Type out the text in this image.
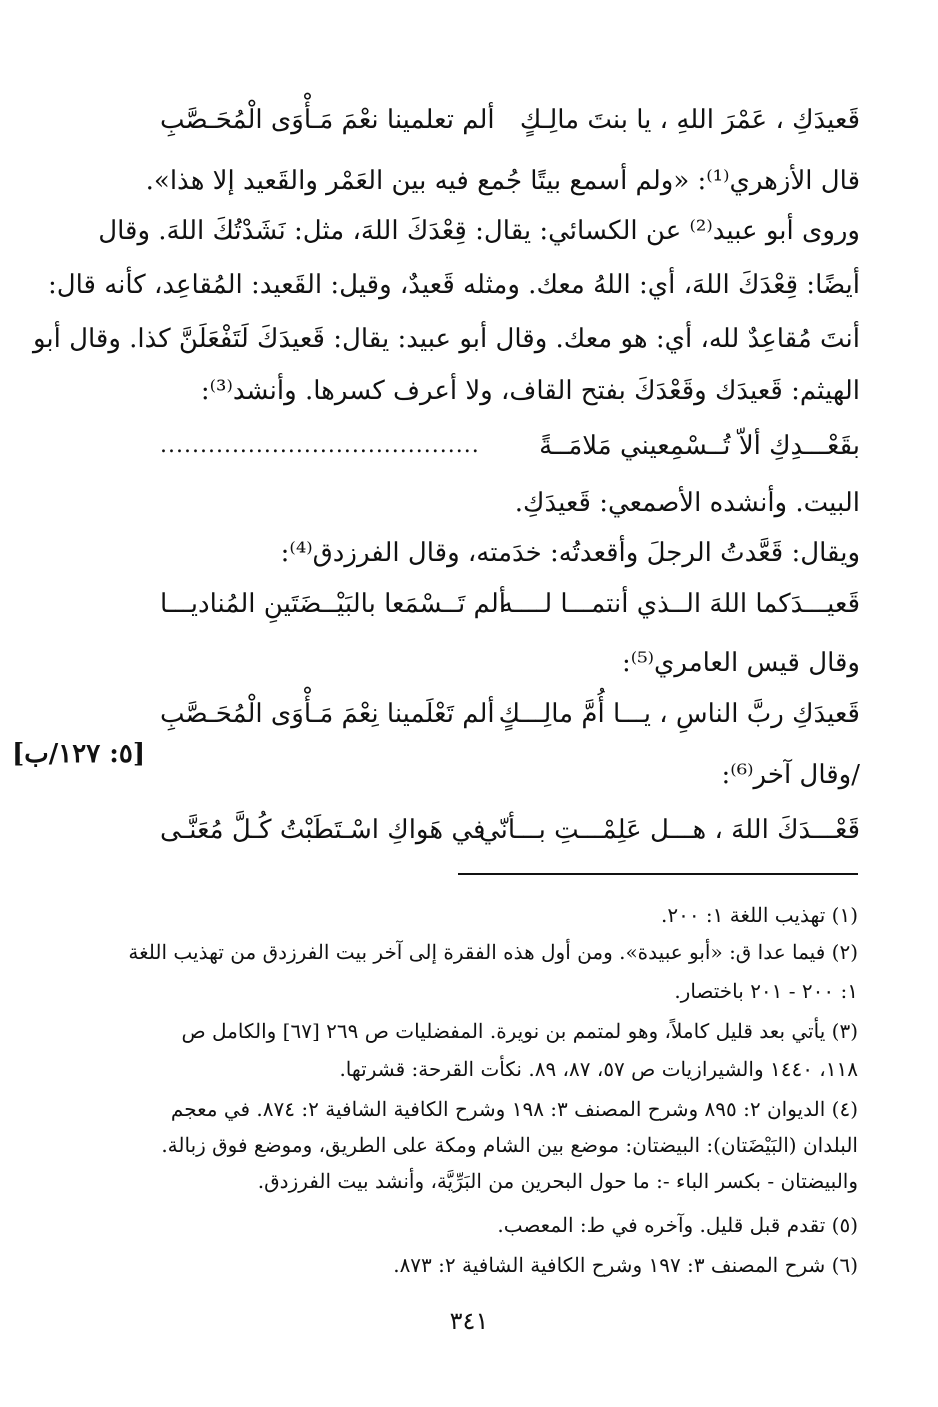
قَعيدَكِ ، عَمْرَ اللهِ ، يا بنتَ مالِـكٍ
ألم تعلمينا نعْمَ مَـأْوَى الْمُحَـصَّبِ
قال الأزهري⁽¹⁾: «ولم أسمع بيتًا جُمع فيه بين العَمْر والقَعيد إلا هذا».
وروى أبو عبيد⁽²⁾ عن الكسائي: يقال: قِعْدَكَ اللهَ، مثل: نَشَدْتُكَ اللهَ. وقال
أيضًا: قِعْدَكَ اللهَ، أي: اللهُ معك. ومثله قَعيدٌ، وقيل: القَعيد: المُقاعِد، كأنه قال:
أنتَ مُقاعِدٌ لله، أي: هو معك. وقال أبو عبيد: يقال: قَعيدَكَ لَتَفْعَلَنَّ كذا. وقال أبو
الهيثم: قَعيدَك وقَعْدَكَ بفتح القاف، ولا أعرف كسرها. وأنشد⁽³⁾:
بقَعْـــدِكِ ألاّ تُــسْمِعيني مَلامَــةً
........................................
البيت. وأنشده الأصمعي: قَعيدَكِ.
ويقال: قَعَّدتُ الرجلَ وأقعدتُه: خدَمته، وقال الفرزدق⁽⁴⁾:
قَعيـــدَكما اللهَ الــذي أنتمـــا لــــه
ألم تَــسْمَعا بالبَيْــضَتَينِ المُناديـــا
وقال قيس العامري⁽⁵⁾:
قَعيدَكِ ربَّ الناسِ ، يـــا أُمَّ مالِـــكٍ
ألم تَعْلَمينا نِعْمَ مَـأْوَى الْمُحَـصَّبِ
[٥: ١٢٧/ب]
/وقال آخر⁽⁶⁾:
قَعْـــدَكَ اللهَ ، هـــل عَلِمْـــتِ بـــأنّي
في هَواكِ اسْـتَطَبْتُ كُـلَّ مُعَنَّـى
(١) تهذيب اللغة ١: ٢٠٠.
(٢) فيما عدا ق: «أبو عبيدة». ومن أول هذه الفقرة إلى آخر بيت الفرزدق من تهذيب اللغة
١: ٢٠٠ - ٢٠١ باختصار.
(٣) يأتي بعد قليل كاملاً، وهو لمتمم بن نويرة. المفضليات ص ٢٦٩ [٦٧] والكامل ص
١١٨، ١٤٤٠ والشيرازيات ص ٥٧، ٨٧، ٨٩. نكأت القرحة: قشرتها.
(٤) الديوان ٢: ٨٩٥ وشرح المصنف ٣: ١٩٨ وشرح الكافية الشافية ٢: ٨٧٤. في معجم
البلدان (البَيْضَتان): البيضتان: موضع بين الشام ومكة على الطريق، وموضع فوق زبالة.
والبيضتان - بكسر الباء -: ما حول البحرين من البَرِّيَّة، وأنشد بيت الفرزدق.
(٥) تقدم قبل قليل. وآخره في ط: المعصب.
(٦) شرح المصنف ٣: ١٩٧ وشرح الكافية الشافية ٢: ٨٧٣.
٣٤١
